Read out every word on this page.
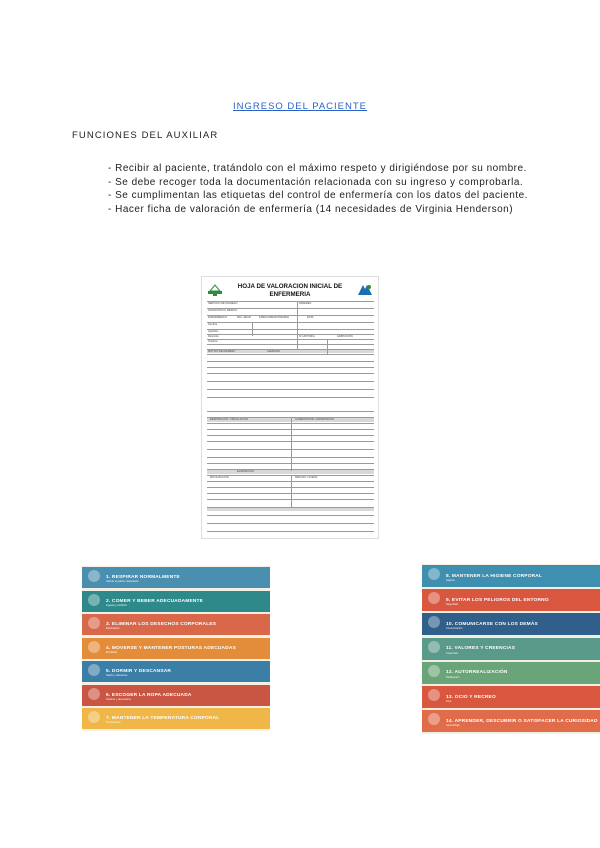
INGRESO DEL PACIENTE
FUNCIONES DEL AUXILIAR
- Recibir al paciente, tratándolo con el máximo respeto y dirigiéndose por su nombre.
- Se debe recoger toda la documentación relacionada con su ingreso y comprobarla.
- Se cumplimentan las etiquetas del control de enfermería con los datos del paciente.
- Hacer ficha de valoración de enfermería (14 necesidades de Virginia Henderson)
HOJA DE VALORACION INICIAL DE ENFERMERIA
SERVICIO DE INGRESO	PAREDES
DIAGNÓSTICO MÉDICO
ENFERMERA/O	PAC. EDAD	FAMILIA/RESPONSABLE	DATA
Nombre
Apellidos
Dirección	Nº HISTORIA	HABITACIÓN
Teléfono
MOTIVO DE INGRESO	ALERGIAS
RESPIRACION / CIRCULACION	ALIMENTACION / HIDRATACION
ELIMINACION
MOVILIZACION	REPOSO / SUEÑO
1. RESPIRAR NORMALMENTE
Valorar el patrón respiratorio
2. COMER Y BEBER ADECUADAMENTE
Ingesta y nutrición
3. ELIMINAR LOS DESECHOS CORPORALES
Eliminación
4. MOVERSE Y MANTENER POSTURAS ADECUADAS
Movilidad
5. DORMIR Y DESCANSAR
Sueño y descanso
6. ESCOGER LA ROPA ADECUADA
Vestirse y desvestirse
7. MANTENER LA TEMPERATURA CORPORAL
Temperatura
8. MANTENER LA HIGIENE CORPORAL
Higiene
9. EVITAR LOS PELIGROS DEL ENTORNO
Seguridad
10. COMUNICARSE CON LOS DEMÁS
Comunicación
11. VALORES Y CREENCIAS
Creencias
12. AUTORREALIZACIÓN
Realización
13. OCIO Y RECREO
Ocio
14. APRENDER, DESCUBRIR O SATISFACER LA CURIOSIDAD
Aprendizaje
